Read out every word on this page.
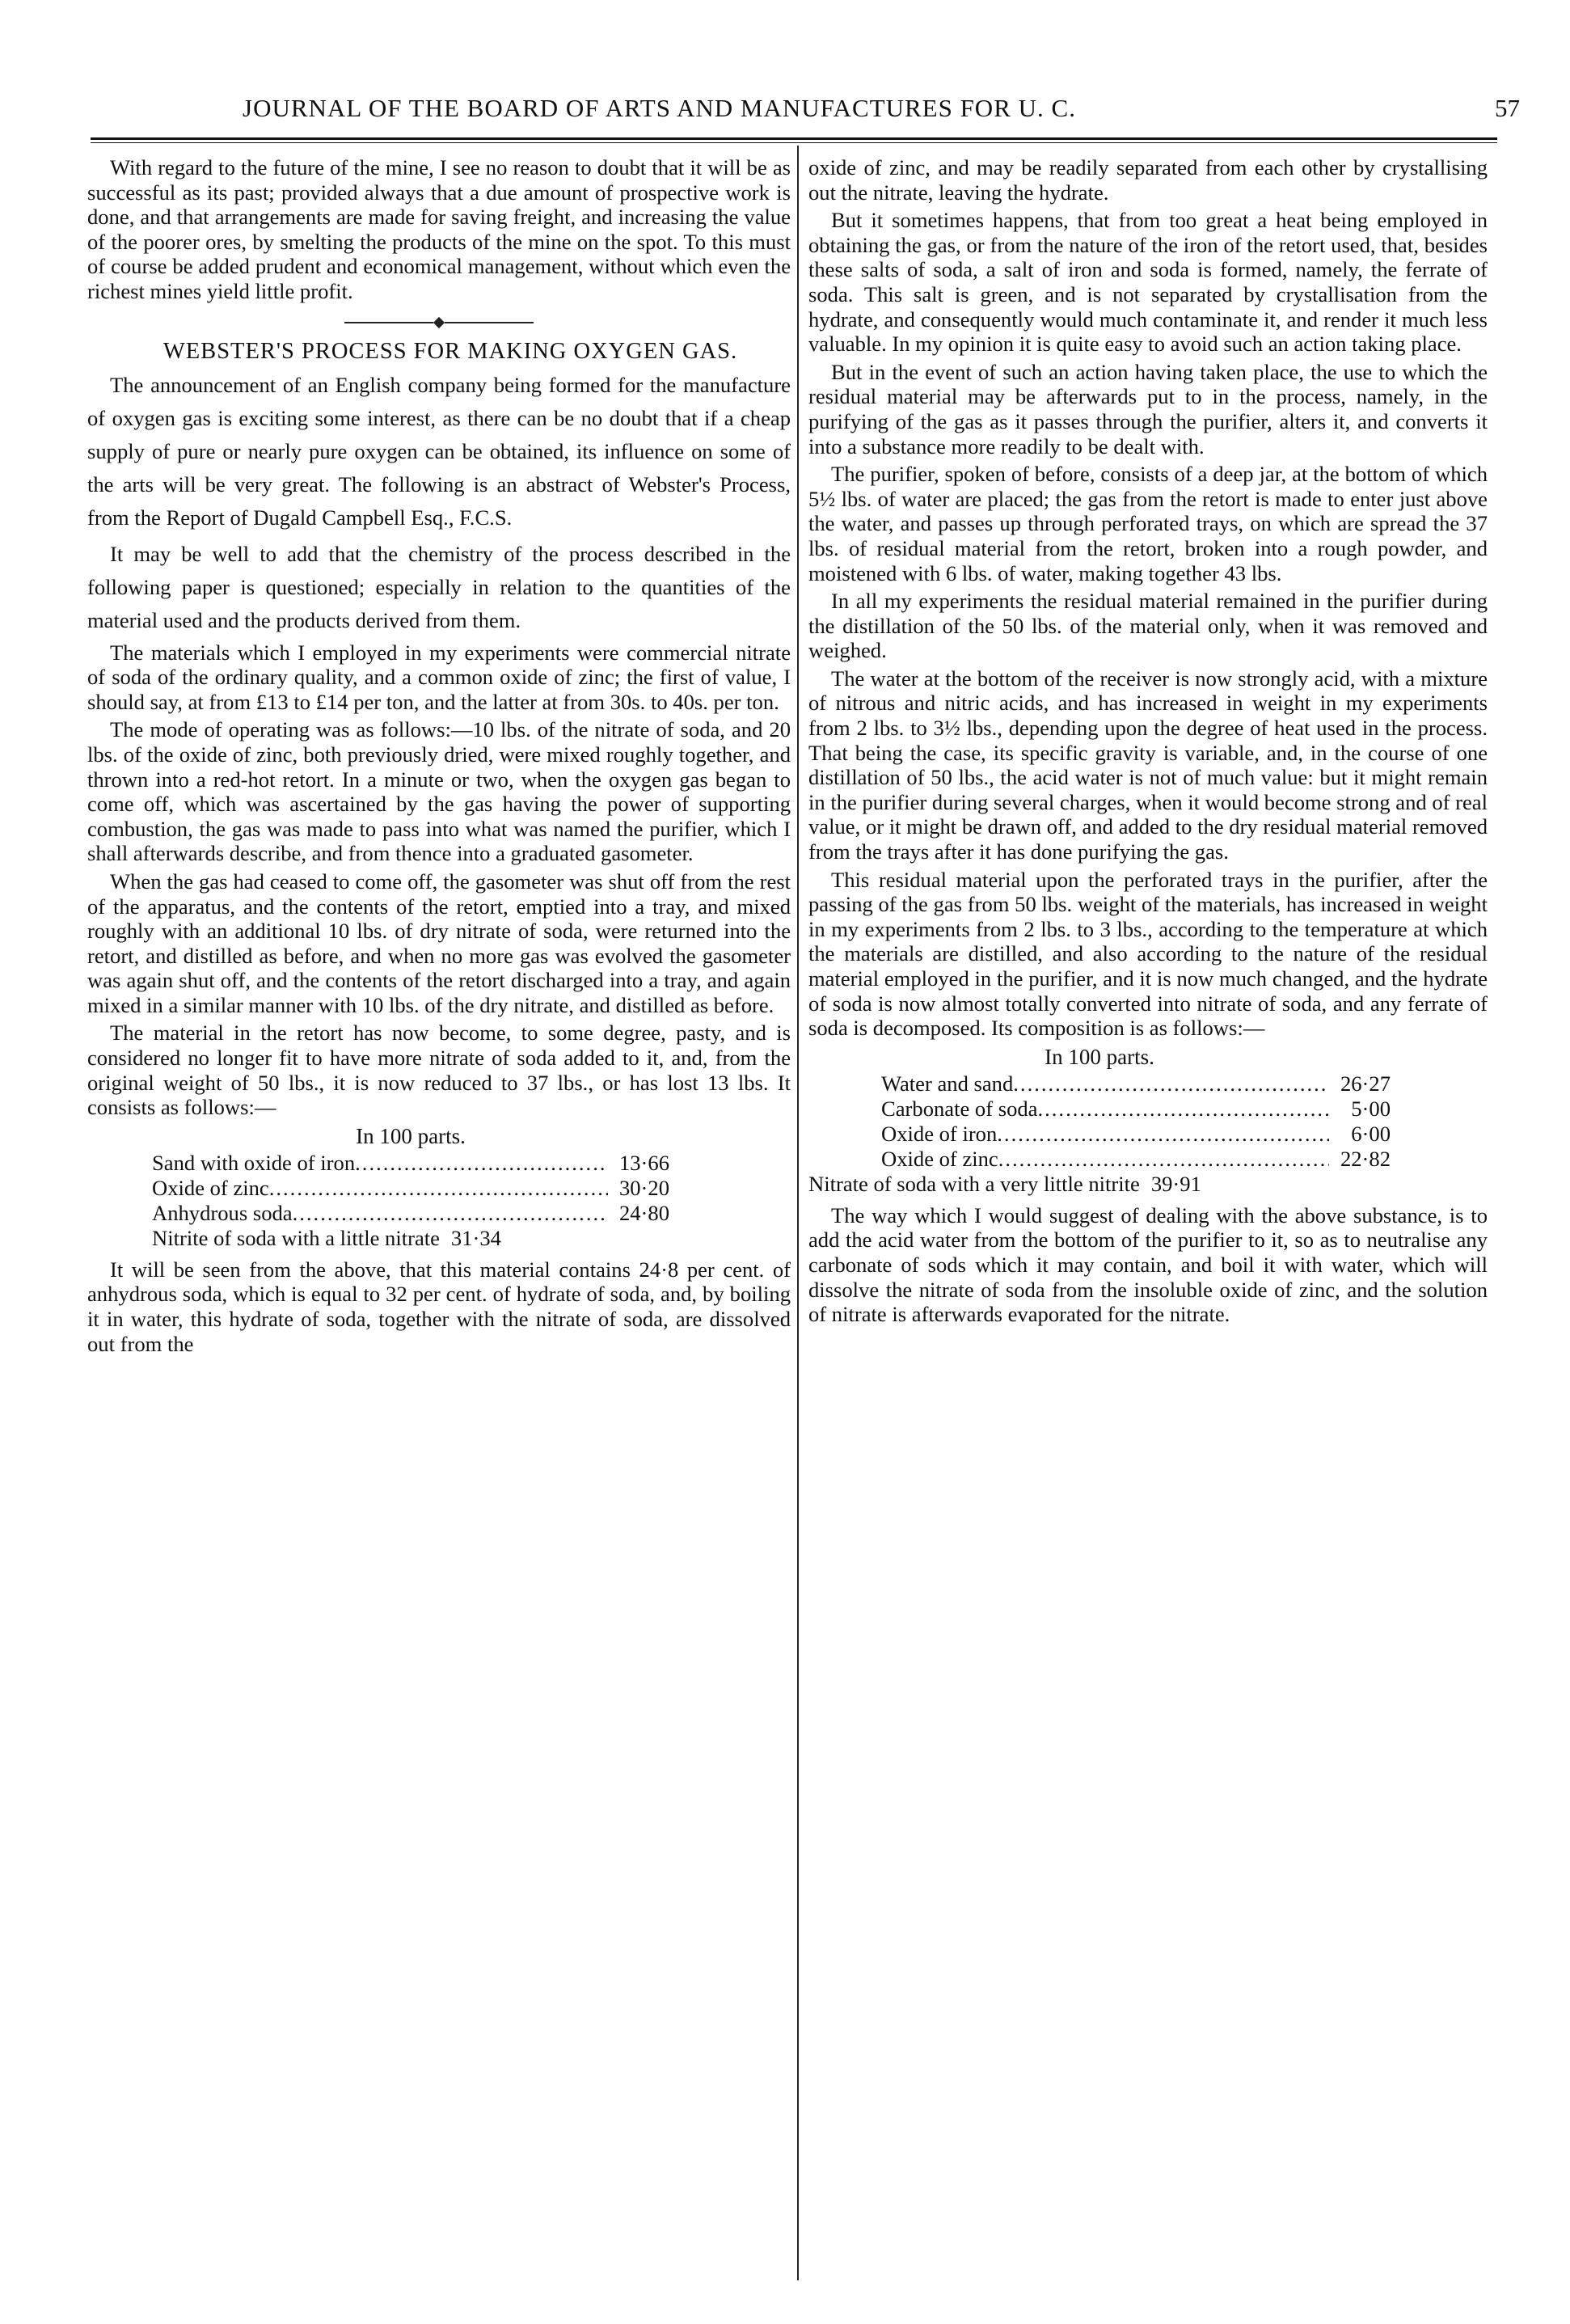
JOURNAL OF THE BOARD OF ARTS AND MANUFACTURES FOR U. C.	57

With regard to the future of the mine, I see no reason to doubt that it will be as successful as its past; provided always that a due amount of prospective work is done, and that arrangements are made for saving freight, and increasing the value of the poorer ores, by smelting the products of the mine on the spot. To this must of course be added prudent and economical management, without which even the richest mines yield little profit.

WEBSTER'S PROCESS FOR MAKING OXYGEN GAS.

The announcement of an English company being formed for the manufacture of oxygen gas is exciting some interest, as there can be no doubt that if a cheap supply of pure or nearly pure oxygen can be obtained, its influence on some of the arts will be very great. The following is an abstract of Webster's Process, from the Report of Dugald Campbell Esq., F.C.S.

It may be well to add that the chemistry of the process described in the following paper is questioned; especially in relation to the quantities of the material used and the products derived from them.

The materials which I employed in my experiments were commercial nitrate of soda of the ordinary quality, and a common oxide of zinc; the first of value, I should say, at from £13 to £14 per ton, and the latter at from 30s. to 40s. per ton.

The mode of operating was as follows:—10 lbs. of the nitrate of soda, and 20 lbs. of the oxide of zinc, both previously dried, were mixed roughly together, and thrown into a red-hot retort. In a minute or two, when the oxygen gas began to come off, which was ascertained by the gas having the power of supporting combustion, the gas was made to pass into what was named the purifier, which I shall afterwards describe, and from thence into a graduated gasometer.

When the gas had ceased to come off, the gasometer was shut off from the rest of the apparatus, and the contents of the retort, emptied into a tray, and mixed roughly with an additional 10 lbs. of dry nitrate of soda, were returned into the retort, and distilled as before, and when no more gas was evolved the gasometer was again shut off, and the contents of the retort discharged into a tray, and again mixed in a similar manner with 10 lbs. of the dry nitrate, and distilled as before.

The material in the retort has now become, to some degree, pasty, and is considered no longer fit to have more nitrate of soda added to it, and, from the original weight of 50 lbs., it is now reduced to 37 lbs., or has lost 13 lbs. It consists as follows:—

In 100 parts.
Sand with oxide of iron .....	13·66
Oxide of zinc .....	30·20
Anhydrous soda .....	24·80
Nitrite of soda with a little nitrate 31·34

It will be seen from the above, that this material contains 24·8 per cent. of anhydrous soda, which is equal to 32 per cent. of hydrate of soda, and, by boiling it in water, this hydrate of soda, together with the nitrate of soda, are dissolved out from the

oxide of zinc, and may be readily separated from each other by crystallising out the nitrate, leaving the hydrate.

But it sometimes happens, that from too great a heat being employed in obtaining the gas, or from the nature of the iron of the retort used, that, besides these salts of soda, a salt of iron and soda is formed, namely, the ferrate of soda. This salt is green, and is not separated by crystallisation from the hydrate, and consequently would much contaminate it, and render it much less valuable. In my opinion it is quite easy to avoid such an action taking place.

But in the event of such an action having taken place, the use to which the residual material may be afterwards put to in the process, namely, in the purifying of the gas as it passes through the purifier, alters it, and converts it into a substance more readily to be dealt with.

The purifier, spoken of before, consists of a deep jar, at the bottom of which 5½ lbs. of water are placed; the gas from the retort is made to enter just above the water, and passes up through perforated trays, on which are spread the 37 lbs. of residual material from the retort, broken into a rough powder, and moistened with 6 lbs. of water, making together 43 lbs.

In all my experiments the residual material remained in the purifier during the distillation of the 50 lbs. of the material only, when it was removed and weighed.

The water at the bottom of the receiver is now strongly acid, with a mixture of nitrous and nitric acids, and has increased in weight in my experiments from 2 lbs. to 3½ lbs., depending upon the degree of heat used in the process. That being the case, its specific gravity is variable, and, in the course of one distillation of 50 lbs., the acid water is not of much value: but it might remain in the purifier during several charges, when it would become strong and of real value, or it might be drawn off, and added to the dry residual material removed from the trays after it has done purifying the gas.

This residual material upon the perforated trays in the purifier, after the passing of the gas from 50 lbs. weight of the materials, has increased in weight in my experiments from 2 lbs. to 3 lbs., according to the temperature at which the materials are distilled, and also according to the nature of the residual material employed in the purifier, and it is now much changed, and the hydrate of soda is now almost totally converted into nitrate of soda, and any ferrate of soda is decomposed. Its composition is as follows:—

In 100 parts.
Water and sand .....	26·27
Carbonate of soda .....	5·00
Oxide of iron .....	6·00
Oxide of zinc .....	22·82
Nitrate of soda with a very little nitrite 39·91

The way which I would suggest of dealing with the above substance, is to add the acid water from the bottom of the purifier to it, so as to neutralise any carbonate of sods which it may contain, and boil it with water, which will dissolve the nitrate of soda from the insoluble oxide of zinc, and the solution of nitrate is afterwards evaporated for the nitrate.
